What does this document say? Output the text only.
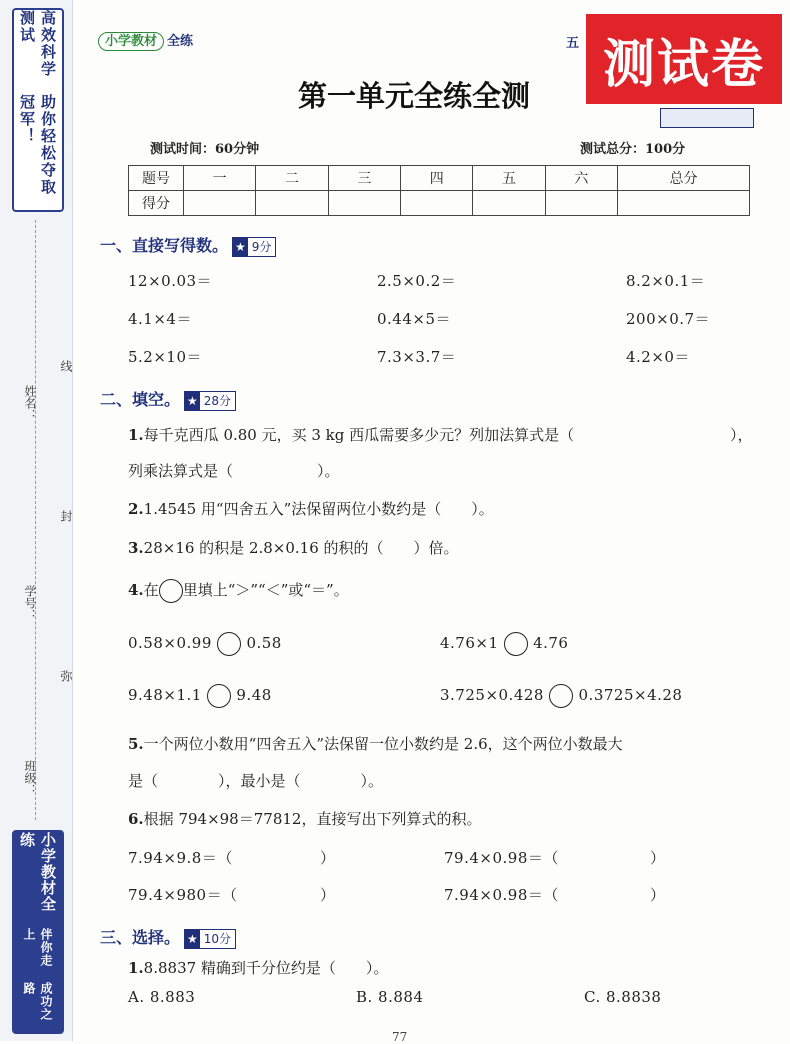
高效科学测试
助你轻松夺取冠军！
姓名：
学号：
班级：
线
封
弥
小学教材全练
伴你走上
成功之路
小学教材 全练	五 测试卷
第一单元全练全测
测试时间：60分钟	测试总分：100分
题号	一	二	三	四	五	六	总分
得分							
一、直接写得数。 ★ 9分
12×0.03＝	2.5×0.2＝	8.2×0.1＝
4.1×4＝	0.44×5＝	200×0.7＝
5.2×10＝	7.3×3.7＝	4.2×0＝
二、填空。 ★ 28分
1.每千克西瓜 0.80 元，买 3 kg 西瓜需要多少元？列加法算式是（	），
列乘法算式是（	）。
2.1.4545 用“四舍五入”法保留两位小数约是（　　）。
3.28×16 的积是 2.8×0.16 的积的（　　）倍。
4.在 里填上“＞”“＜”或“＝”。
0.58×0.99 0.58	4.76×1 4.76
9.48×1.1 9.48	3.725×0.428 0.3725×4.28
5.一个两位小数用“四舍五入”法保留一位小数约是 2.6，这个两位小数最大
是（　　　　），最小是（　　　　）。
6.根据 794×98＝77812，直接写出下列算式的积。
7.94×9.8＝（	）	79.4×0.98＝（	）
79.4×980＝（	）	7.94×0.98＝（	）
三、选择。 ★ 10分
1.8.8837 精确到千分位约是（　　）。
A. 8.883	B. 8.884	C. 8.8838
77
